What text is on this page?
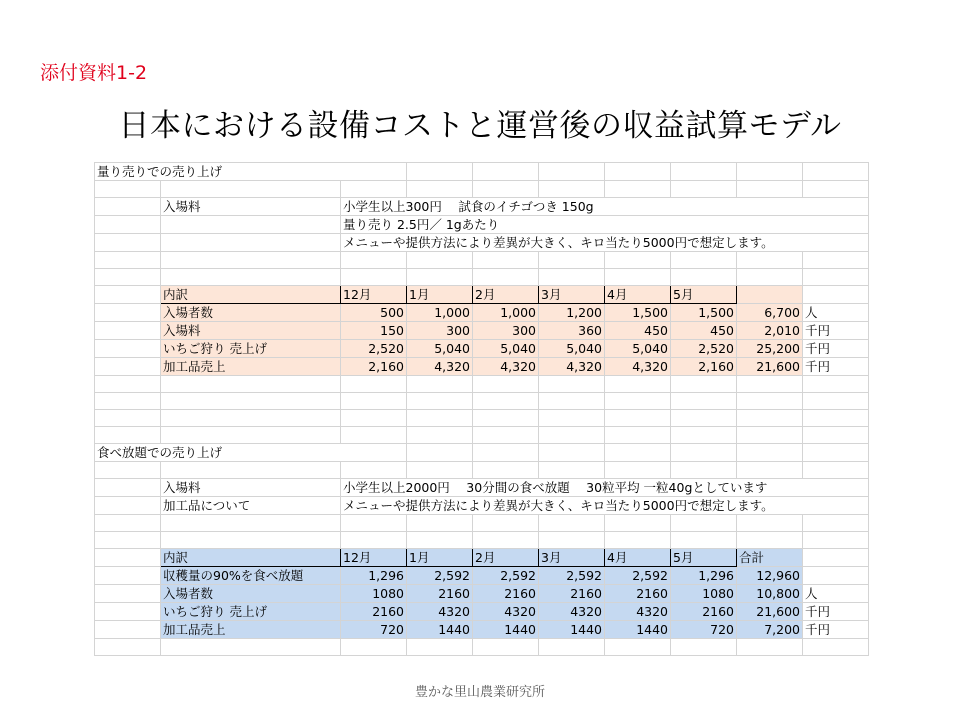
添付資料1-2
日本における設備コストと運営後の収益試算モデル
量り売りでの売り上げ									

	入場料	小学生以上300円　 試食のイチゴつき 150g							
		量り売り 2.5円／ 1gあたり							
		メニューや提供方法により差異が大きく、キロ当たり5000円で想定します。							

	内訳	12月	1月	2月	3月	4月	5月		
	入場者数	500	1,000	1,000	1,200	1,500	1,500	6,700	人
	入場料	150	300	300	360	450	450	2,010	千円
	いちご狩り 売上げ	2,520	5,040	5,040	5,040	5,040	2,520	25,200	千円
	加工品売上	2,160	4,320	4,320	4,320	4,320	2,160	21,600	千円

食べ放題での売り上げ									

	入場料	小学生以上2000円　 30分間の食べ放題　 30粒平均 一粒40gとしています							
	加工品について	メニューや提供方法により差異が大きく、キロ当たり5000円で想定します。							

	内訳	12月	1月	2月	3月	4月	5月	合計	
	収穫量の90%を食べ放題	1,296	2,592	2,592	2,592	2,592	1,296	12,960	
	入場者数	1080	2160	2160	2160	2160	1080	10,800	人
	いちご狩り 売上げ	2160	4320	4320	4320	4320	2160	21,600	千円
	加工品売上	720	1440	1440	1440	1440	720	7,200	千円

豊かな里山農業研究所
